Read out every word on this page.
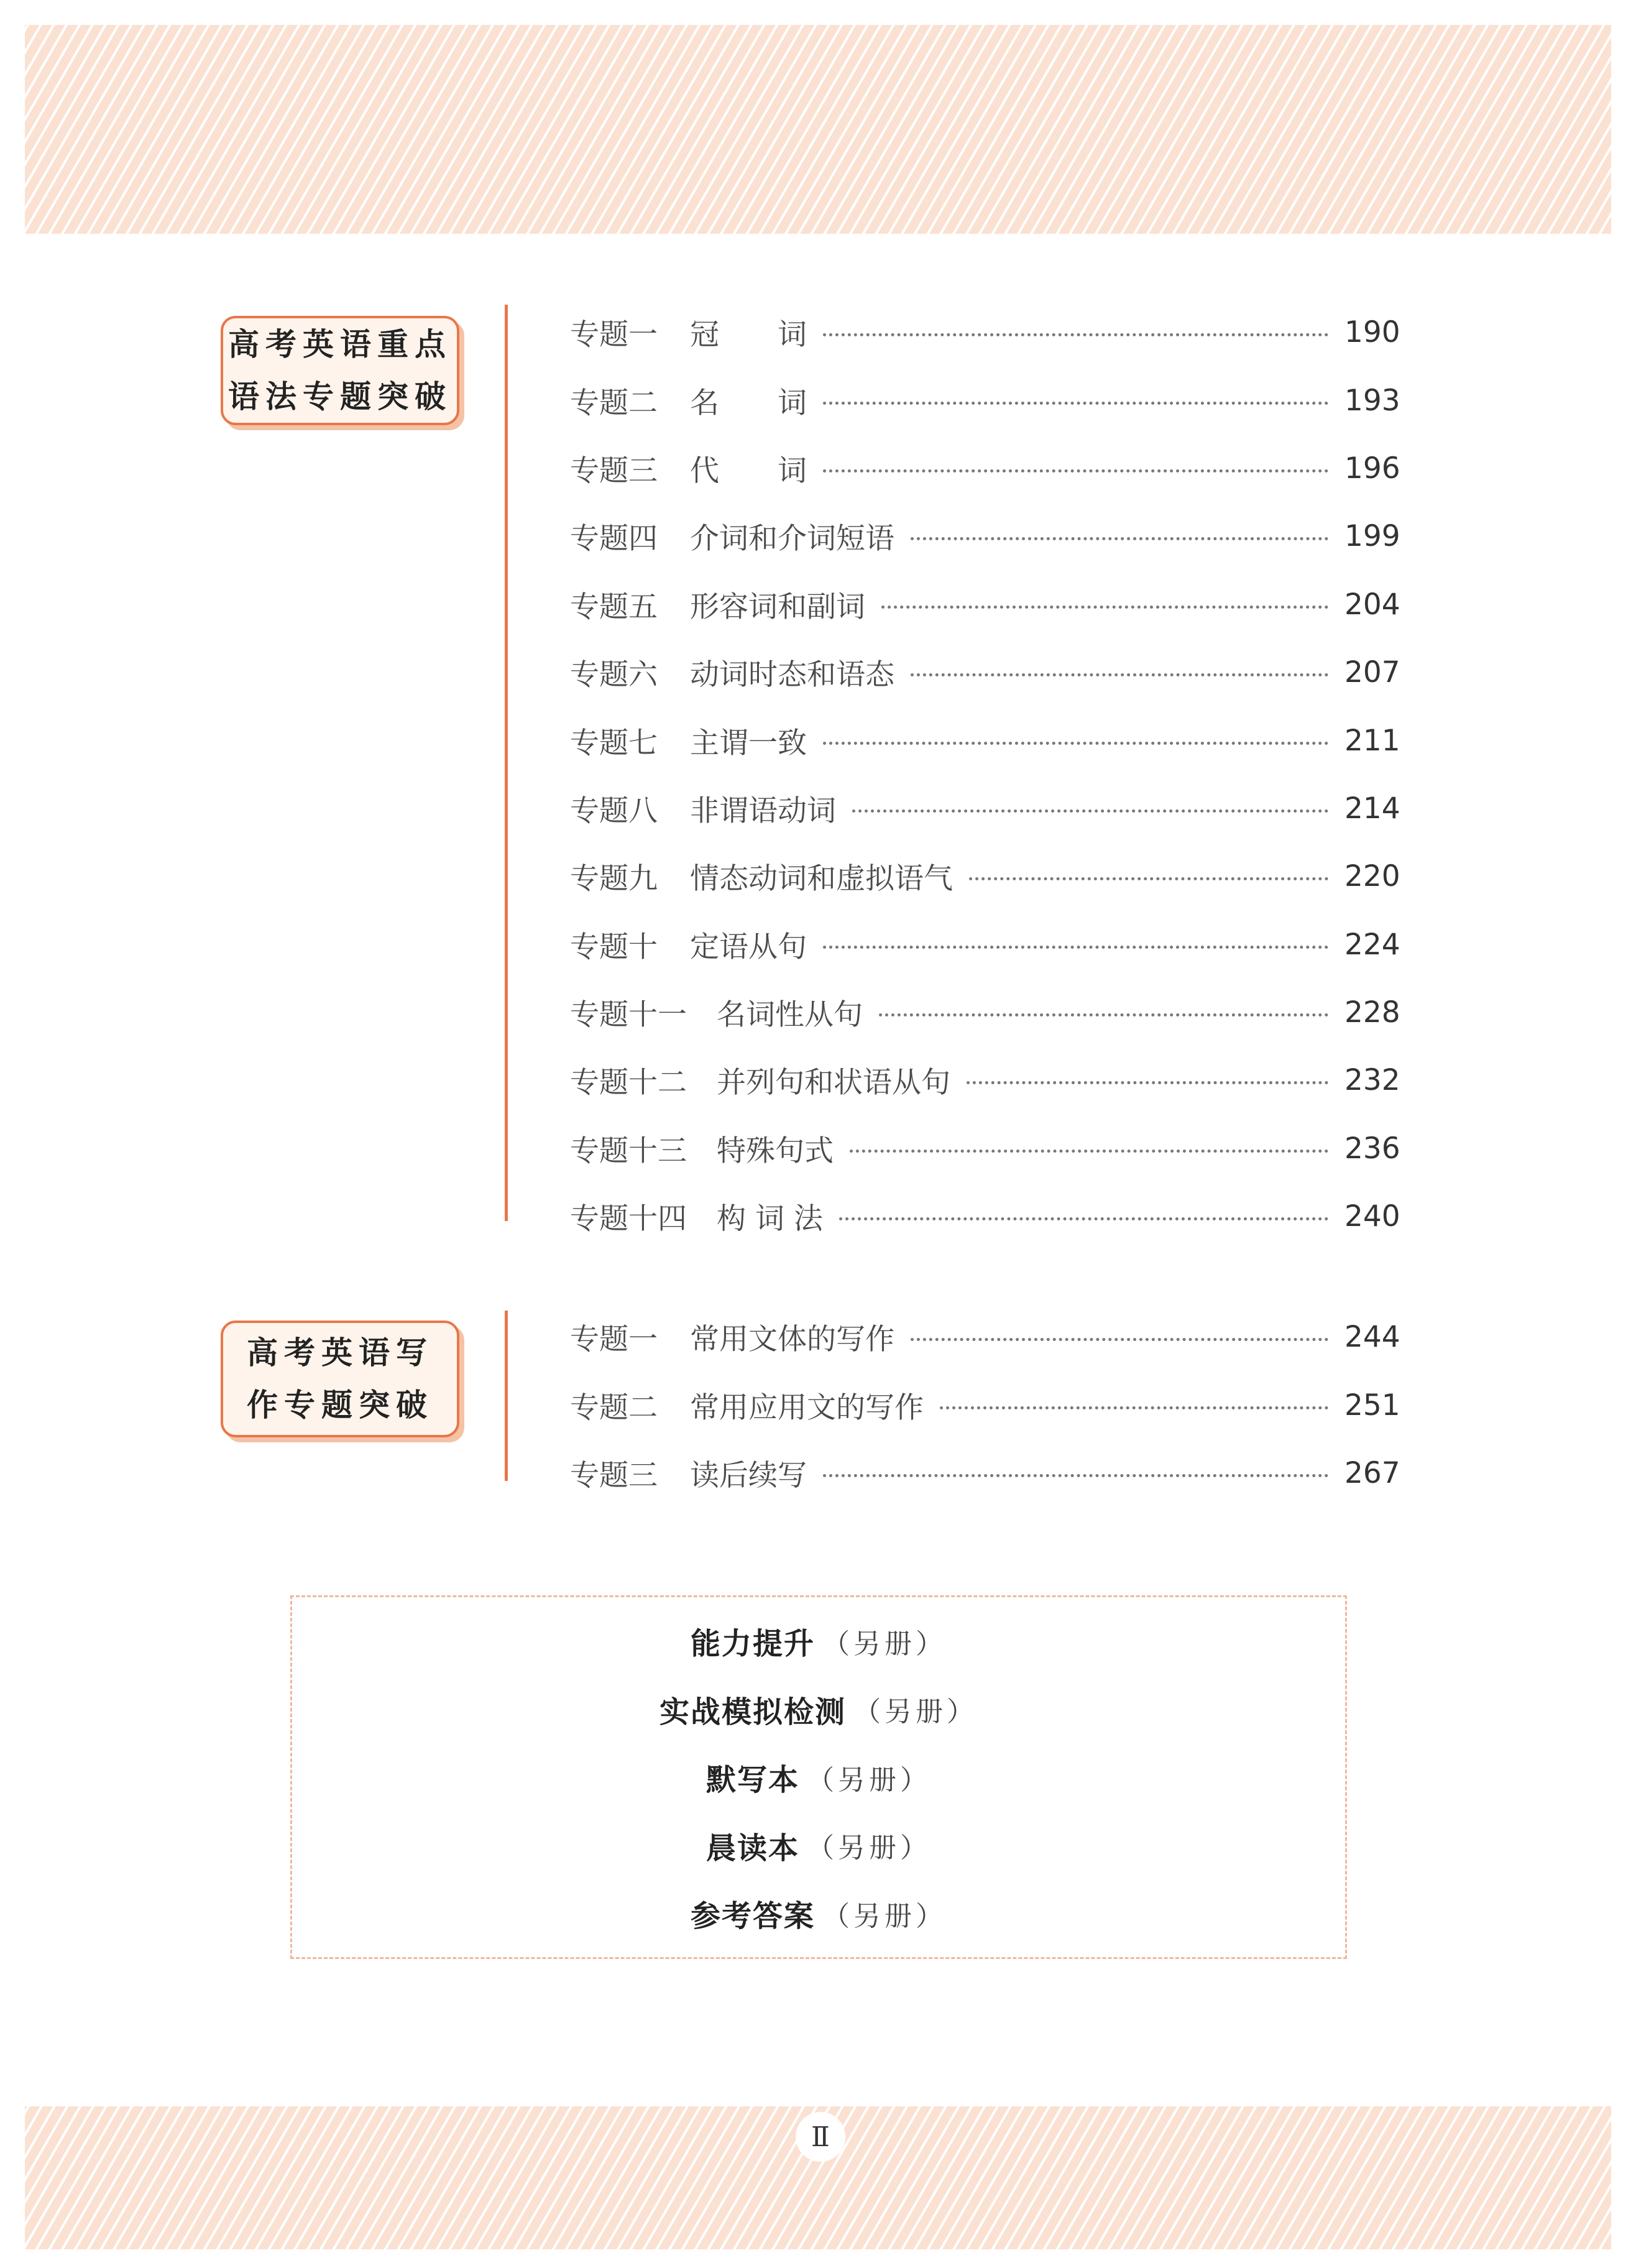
高考英语重点
语法专题突破
专题一 冠　　词	190
专题二 名　　词	193
专题三 代　　词	196
专题四 介词和介词短语	199
专题五 形容词和副词	204
专题六 动词时态和语态	207
专题七 主谓一致	211
专题八 非谓语动词	214
专题九 情态动词和虚拟语气	220
专题十 定语从句	224
专题十一 名词性从句	228
专题十二 并列句和状语从句	232
专题十三 特殊句式	236
专题十四 构 词 法	240
高考英语写
作专题突破
专题一 常用文体的写作	244
专题二 常用应用文的写作	251
专题三 读后续写	267
能力提升 （另册）
实战模拟检测 （另册）
默写本 （另册）
晨读本 （另册）
参考答案 （另册）
Ⅱ
